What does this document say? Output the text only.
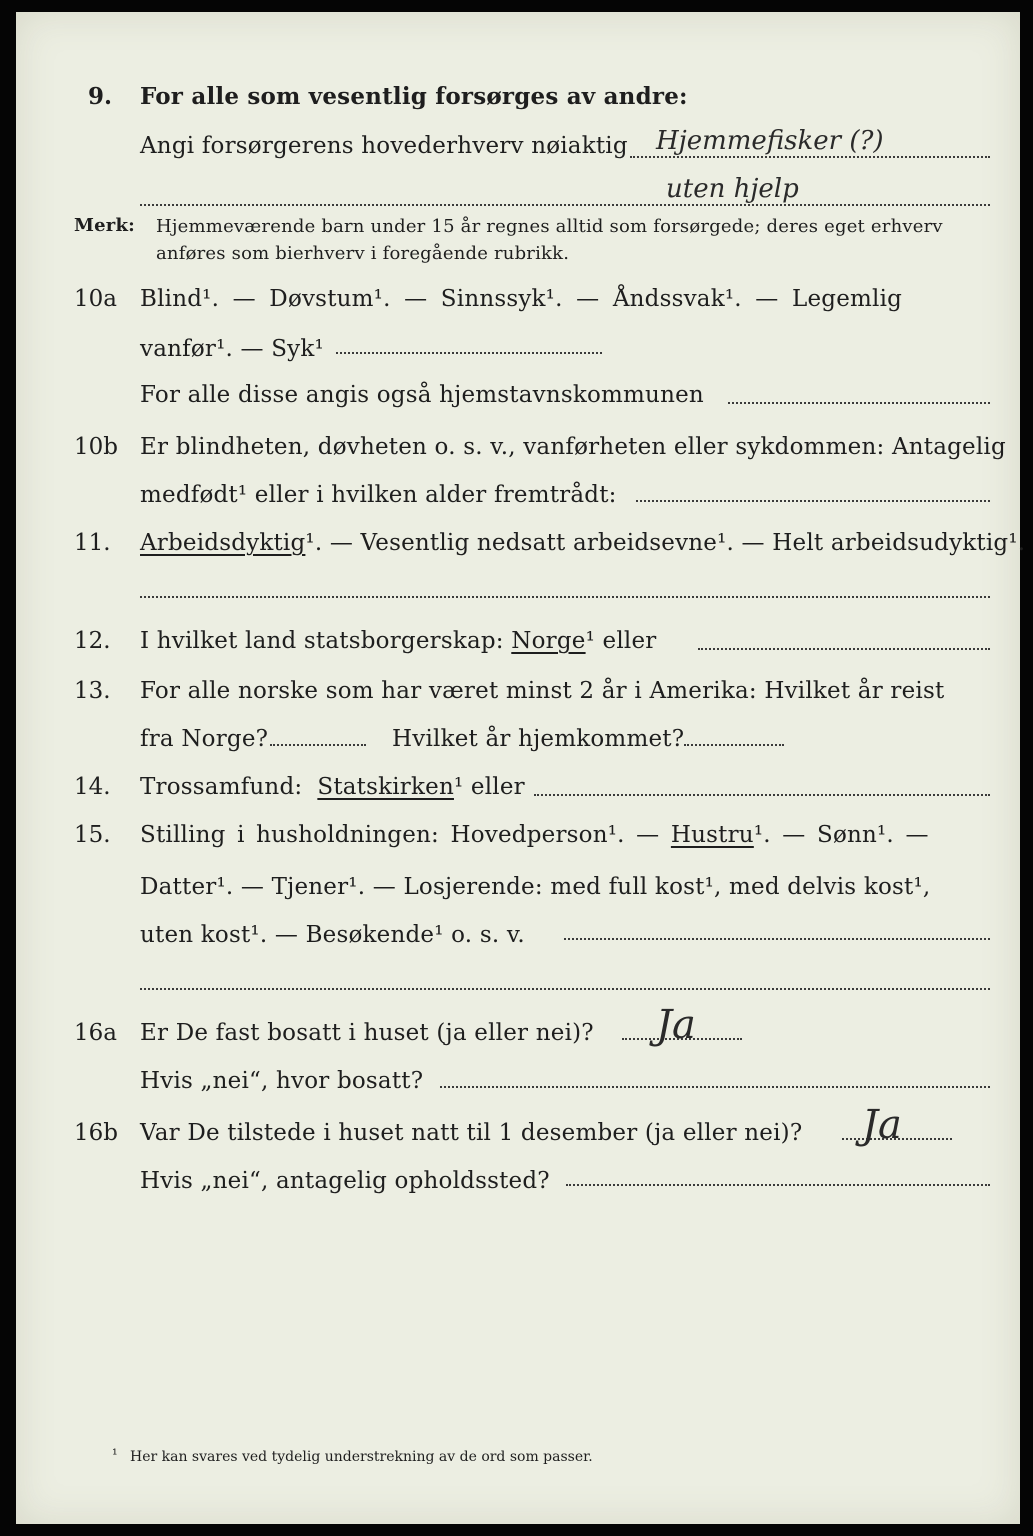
9. For alle som vesentlig forsørges av andre:
Angi forsørgerens hovederhverv nøiaktig Hjemmefisker (?)
uten hjelp
Merk: Hjemmeværende barn under 15 år regnes alltid som forsørgede; deres eget erhverv
anføres som bierhverv i foregående rubrikk.
10a Blind¹. — Døvstum¹. — Sinnssyk¹. — Åndssvak¹. — Legemlig
vanfør¹. — Syk¹
For alle disse angis også hjemstavnskommunen
10b Er blindheten, døvheten o. s. v., vanførheten eller sykdommen: Antagelig
medfødt¹ eller i hvilken alder fremtrådt:
11. Arbeidsdyktig¹. — Vesentlig nedsatt arbeidsevne¹. — Helt arbeidsudyktig¹.
12. I hvilket land statsborgerskap: Norge¹ eller
13. For alle norske som har været minst 2 år i Amerika: Hvilket år reist
fra Norge?	Hvilket år hjemkommet?
14. Trossamfund: Statskirken¹ eller
15. Stilling i husholdningen: Hovedperson¹. — Hustru¹. — Sønn¹. —
Datter¹. — Tjener¹. — Losjerende: med full kost¹, med delvis kost¹,
uten kost¹. — Besøkende¹ o. s. v.
16a Er De fast bosatt i huset (ja eller nei)? Ja
Hvis „nei“, hvor bosatt?
16b Var De tilstede i huset natt til 1 desember (ja eller nei)? Ja
Hvis „nei“, antagelig opholdssted?
¹ Her kan svares ved tydelig understrekning av de ord som passer.
